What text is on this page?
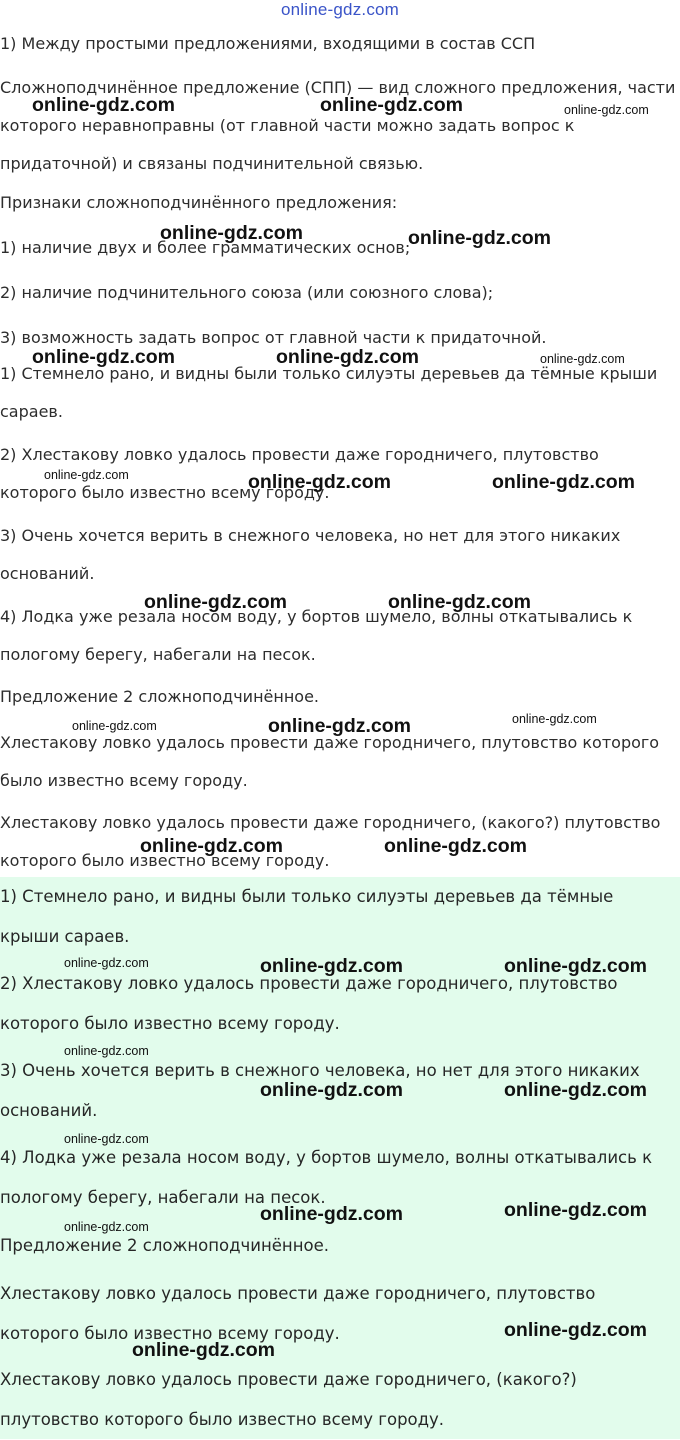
online-gdz.com

1) Между простыми предложениями, входящими в состав ССП

Сложноподчинённое предложение (СПП) — вид сложного предложения, части которого неравноправны (от главной части можно задать вопрос к придаточной) и связаны подчинительной связью.

Признаки сложноподчинённого предложения:

1) наличие двух и более грамматических основ;

2) наличие подчинительного союза (или союзного слова);

3) возможность задать вопрос от главной части к придаточной.

1) Стемнело рано, и видны были только силуэты деревьев да тёмные крыши сараев.

2) Хлестакову ловко удалось провести даже городничего, плутовство которого было известно всему городу.

3) Очень хочется верить в снежного человека, но нет для этого никаких оснований.

4) Лодка уже резала носом воду, у бортов шумело, волны откатывались к пологому берегу, набегали на песок.

Предложение 2 сложноподчинённое.

Хлестакову ловко удалось провести даже городничего, плутовство которого было известно всему городу.

Хлестакову ловко удалось провести даже городничего, (какого?) плутовство которого было известно всему городу.

1) Стемнело рано, и видны были только силуэты деревьев да тёмные крыши сараев.

2) Хлестакову ловко удалось провести даже городничего, плутовство которого было известно всему городу.

3) Очень хочется верить в снежного человека, но нет для этого никаких оснований.

4) Лодка уже резала носом воду, у бортов шумело, волны откатывались к пологому берегу, набегали на песок.

Предложение 2 сложноподчинённое.

Хлестакову ловко удалось провести даже городничего, плутовство которого было известно всему городу.

Хлестакову ловко удалось провести даже городничего, (какого?) плутовство которого было известно всему городу.

online-gdz.com	online-gdz.com	online-gdz.com
online-gdz.com	online-gdz.com
online-gdz.com	online-gdz.com	online-gdz.com
online-gdz.com	online-gdz.com	online-gdz.com
online-gdz.com	online-gdz.com
online-gdz.com	online-gdz.com	online-gdz.com
online-gdz.com	online-gdz.com
online-gdz.com	online-gdz.com	online-gdz.com
online-gdz.com
online-gdz.com	online-gdz.com
online-gdz.com
online-gdz.com	online-gdz.com
online-gdz.com
online-gdz.com
online-gdz.com
